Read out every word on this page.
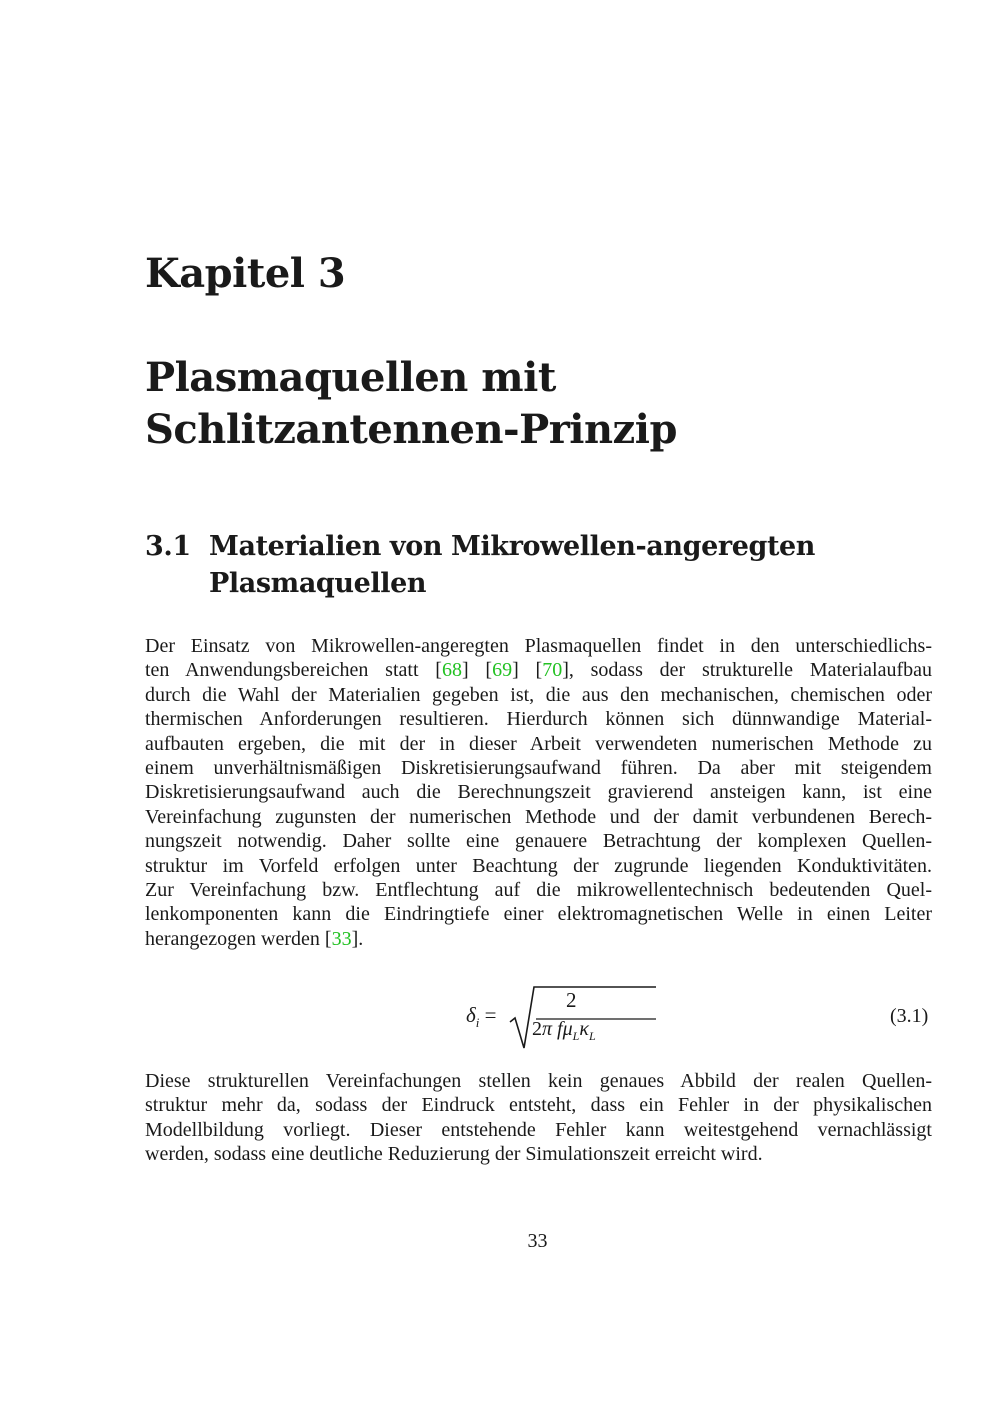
Kapitel 3
Plasmaquellen mit
Schlitzantennen-Prinzip
3.1 Materialien von Mikrowellen-angeregten
Plasmaquellen
Der Einsatz von Mikrowellen-angeregten Plasmaquellen findet in den unterschiedlichs-
ten Anwendungsbereichen statt [68] [69] [70], sodass der strukturelle Materialaufbau
durch die Wahl der Materialien gegeben ist, die aus den mechanischen, chemischen oder
thermischen Anforderungen resultieren. Hierdurch können sich dünnwandige Material-
aufbauten ergeben, die mit der in dieser Arbeit verwendeten numerischen Methode zu
einem unverhältnismäßigen Diskretisierungsaufwand führen. Da aber mit steigendem
Diskretisierungsaufwand auch die Berechnungszeit gravierend ansteigen kann, ist eine
Vereinfachung zugunsten der numerischen Methode und der damit verbundenen Berech-
nungszeit notwendig. Daher sollte eine genauere Betrachtung der komplexen Quellen-
struktur im Vorfeld erfolgen unter Beachtung der zugrunde liegenden Konduktivitäten.
Zur Vereinfachung bzw. Entflechtung auf die mikrowellentechnisch bedeutenden Quel-
lenkomponenten kann die Eindringtiefe einer elektromagnetischen Welle in einen Leiter
herangezogen werden [33].
$\delta_i$ =
2
2π $f\mu_L\kappa_L$
(3.1)
Diese strukturellen Vereinfachungen stellen kein genaues Abbild der realen Quellen-
struktur mehr da, sodass der Eindruck entsteht, dass ein Fehler in der physikalischen
Modellbildung vorliegt. Dieser entstehende Fehler kann weitestgehend vernachlässigt
werden, sodass eine deutliche Reduzierung der Simulationszeit erreicht wird.
33
